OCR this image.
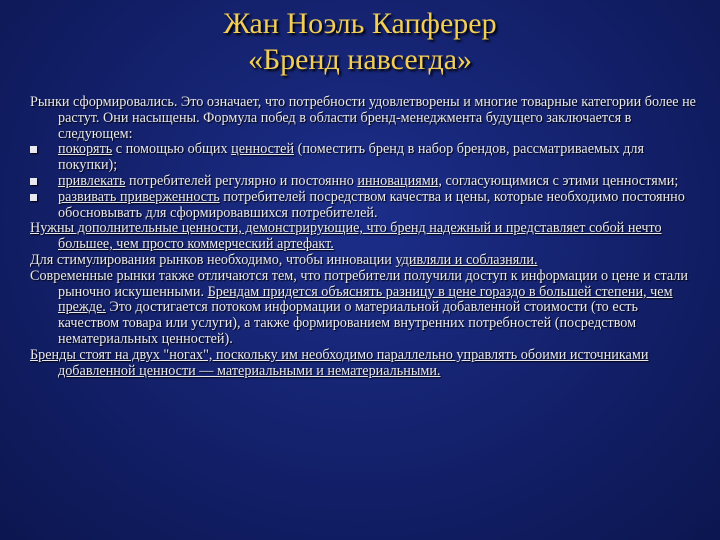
Жан Ноэль Капферер
«Бренд навсегда»
Рынки сформировались. Это означает, что потребности удовлетворены и многие товарные категории более не растут. Они насыщены. Формула побед в области бренд-менеджмента будущего заключается в следующем:
покорять с помощью общих ценностей (поместить бренд в набор брендов, рассматриваемых для покупки);
привлекать потребителей регулярно и постоянно инновациями, согласующимися с этими ценностями;
развивать приверженность потребителей посредством качества и цены, которые необходимо постоянно обосновывать для сформировавшихся потребителей.
Нужны дополнительные ценности, демонстрирующие, что бренд надежный и представляет собой нечто большее, чем просто коммерческий артефакт.
Для стимулирования рынков необходимо, чтобы инновации удивляли и соблазняли.
Современные рынки также отличаются тем, что потребители получили доступ к информации о цене и стали рыночно искушенными. Брендам придется объяснять разницу в цене гораздо в большей степени, чем прежде. Это достигается потоком информации о материальной добавленной стоимости (то есть качеством товара или услуги), а также формированием внутренних потребностей (посредством нематериальных ценностей).
Бренды стоят на двух "ногах", поскольку им необходимо параллельно управлять обоими источниками добавленной ценности — материальными и нематериальными.
